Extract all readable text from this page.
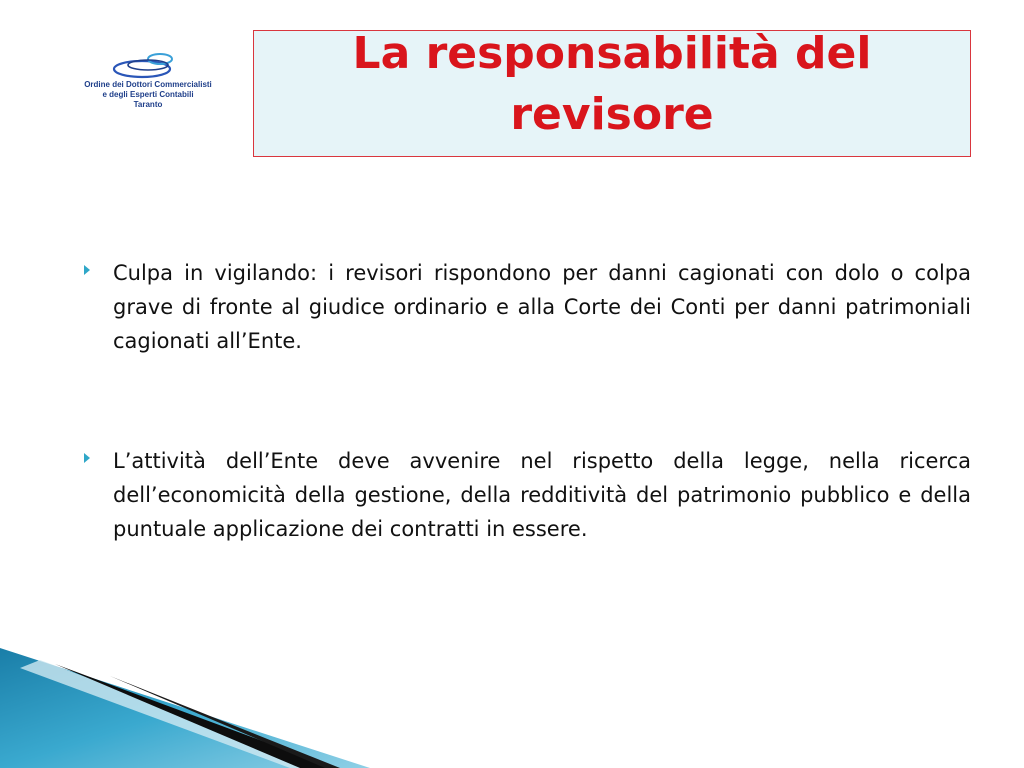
Ordine dei Dottori Commercialisti
e degli Esperti Contabili
Taranto
La responsabilità del
revisore
Culpa in vigilando: i revisori rispondono per danni cagionati con dolo o colpa grave di fronte al giudice ordinario e alla Corte dei Conti per danni patrimoniali cagionati all’Ente.
L’attività dell’Ente deve avvenire nel rispetto della legge, nella ricerca dell’economicità della gestione, della redditività del patrimonio pubblico e della puntuale applicazione dei contratti in essere.
